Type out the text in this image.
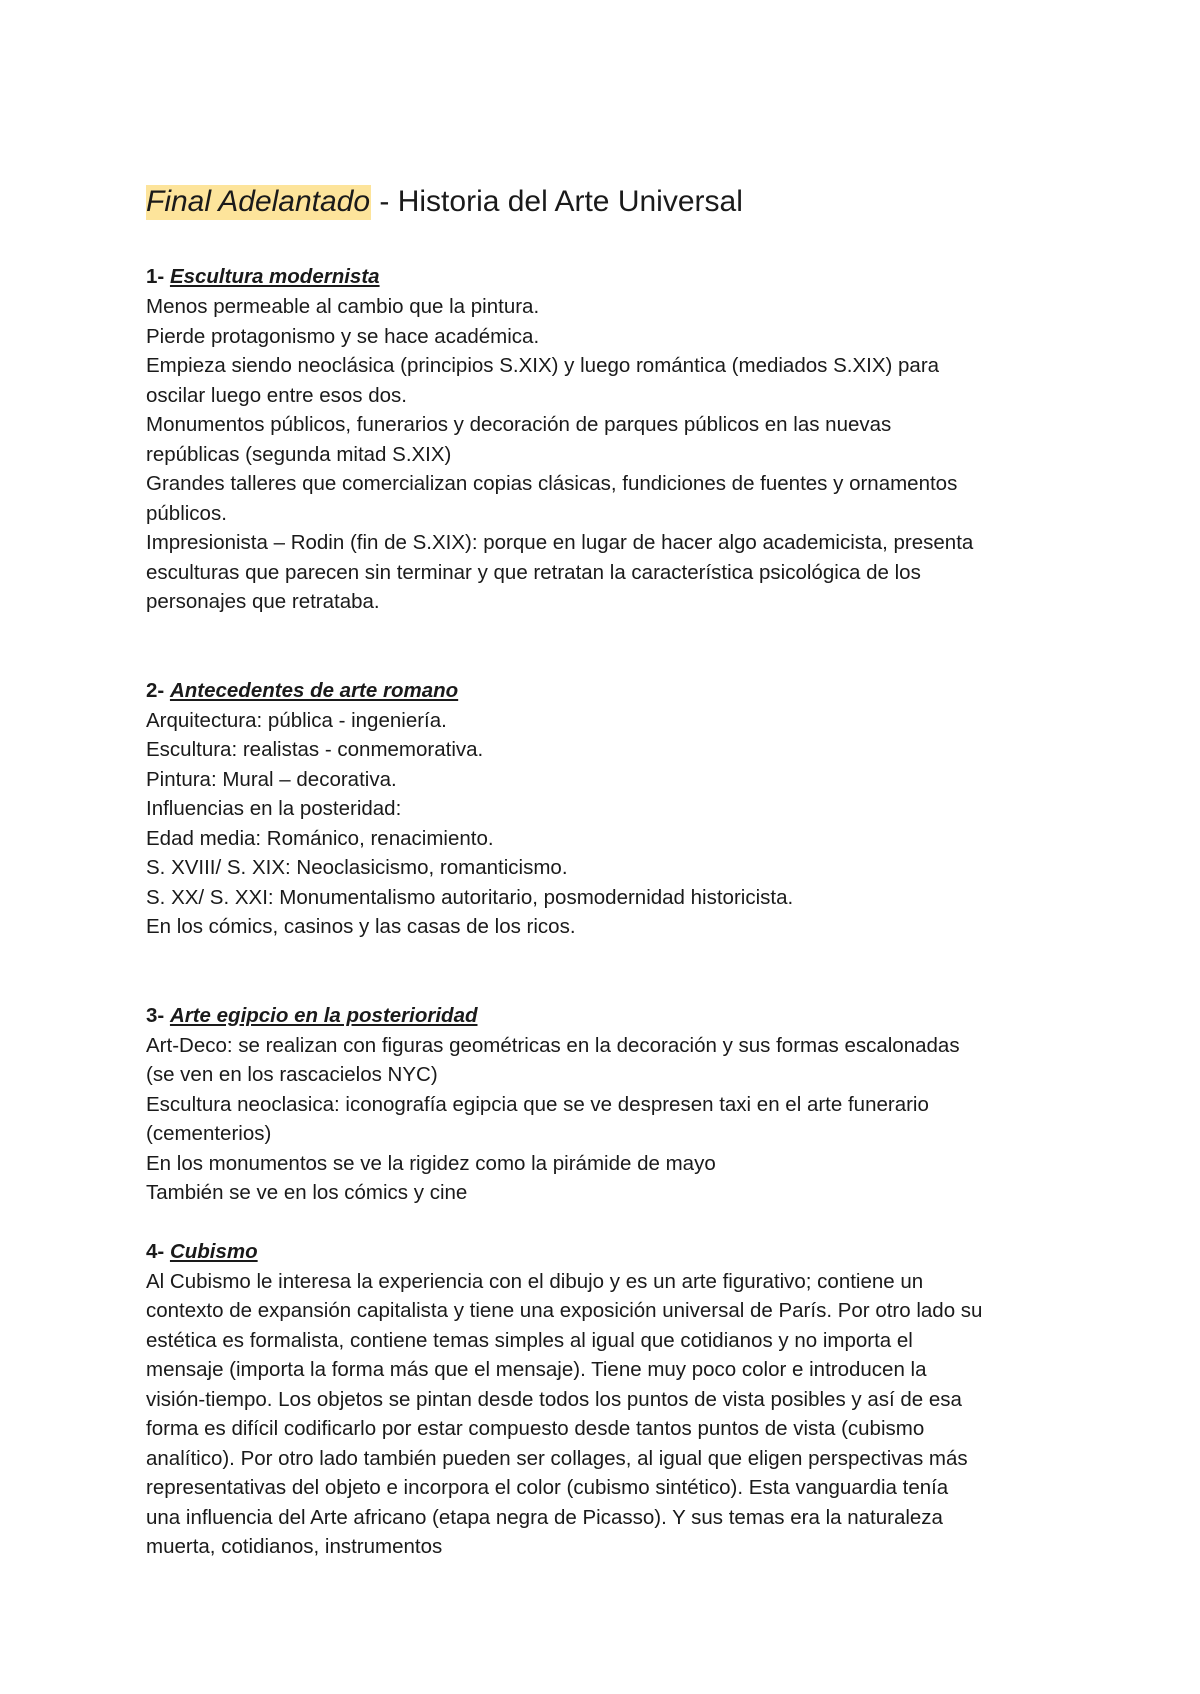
Final Adelantado - Historia del Arte Universal

1- Escultura modernista

Menos permeable al cambio que la pintura.

Pierde protagonismo y se hace académica.

Empieza siendo neoclásica (principios S.XIX) y luego romántica (mediados S.XIX) para

oscilar luego entre esos dos.

Monumentos públicos, funerarios y decoración de parques públicos en las nuevas

repúblicas (segunda mitad S.XIX)

Grandes talleres que comercializan copias clásicas, fundiciones de fuentes y ornamentos

públicos.

Impresionista – Rodin (fin de S.XIX): porque en lugar de hacer algo academicista, presenta

esculturas que parecen sin terminar y que retratan la característica psicológica de los

personajes que retrataba.

2- Antecedentes de arte romano

Arquitectura: pública - ingeniería.

Escultura: realistas - conmemorativa.

Pintura: Mural – decorativa.

Influencias en la posteridad:

Edad media: Románico, renacimiento.

S. XVIII/ S. XIX: Neoclasicismo, romanticismo.

S. XX/ S. XXI: Monumentalismo autoritario, posmodernidad historicista.

En los cómics, casinos y las casas de los ricos.

3- Arte egipcio en la posterioridad

Art-Deco: se realizan con figuras geométricas en la decoración y sus formas escalonadas

(se ven en los rascacielos NYC)

Escultura neoclasica: iconografía egipcia que se ve despresen taxi en el arte funerario

(cementerios)

En los monumentos se ve la rigidez como la pirámide de mayo

También se ve en los cómics y cine

4- Cubismo

Al Cubismo le interesa la experiencia con el dibujo y es un arte figurativo; contiene un

contexto de expansión capitalista y tiene una exposición universal de París. Por otro lado su

estética es formalista, contiene temas simples al igual que cotidianos y no importa el

mensaje (importa la forma más que el mensaje). Tiene muy poco color e introducen la

visión-tiempo. Los objetos se pintan desde todos los puntos de vista posibles y así de esa

forma es difícil codificarlo por estar compuesto desde tantos puntos de vista (cubismo

analítico). Por otro lado también pueden ser collages, al igual que eligen perspectivas más

representativas del objeto e incorpora el color (cubismo sintético). Esta vanguardia tenía

una influencia del Arte africano (etapa negra de Picasso). Y sus temas era la naturaleza

muerta, cotidianos, instrumentos
